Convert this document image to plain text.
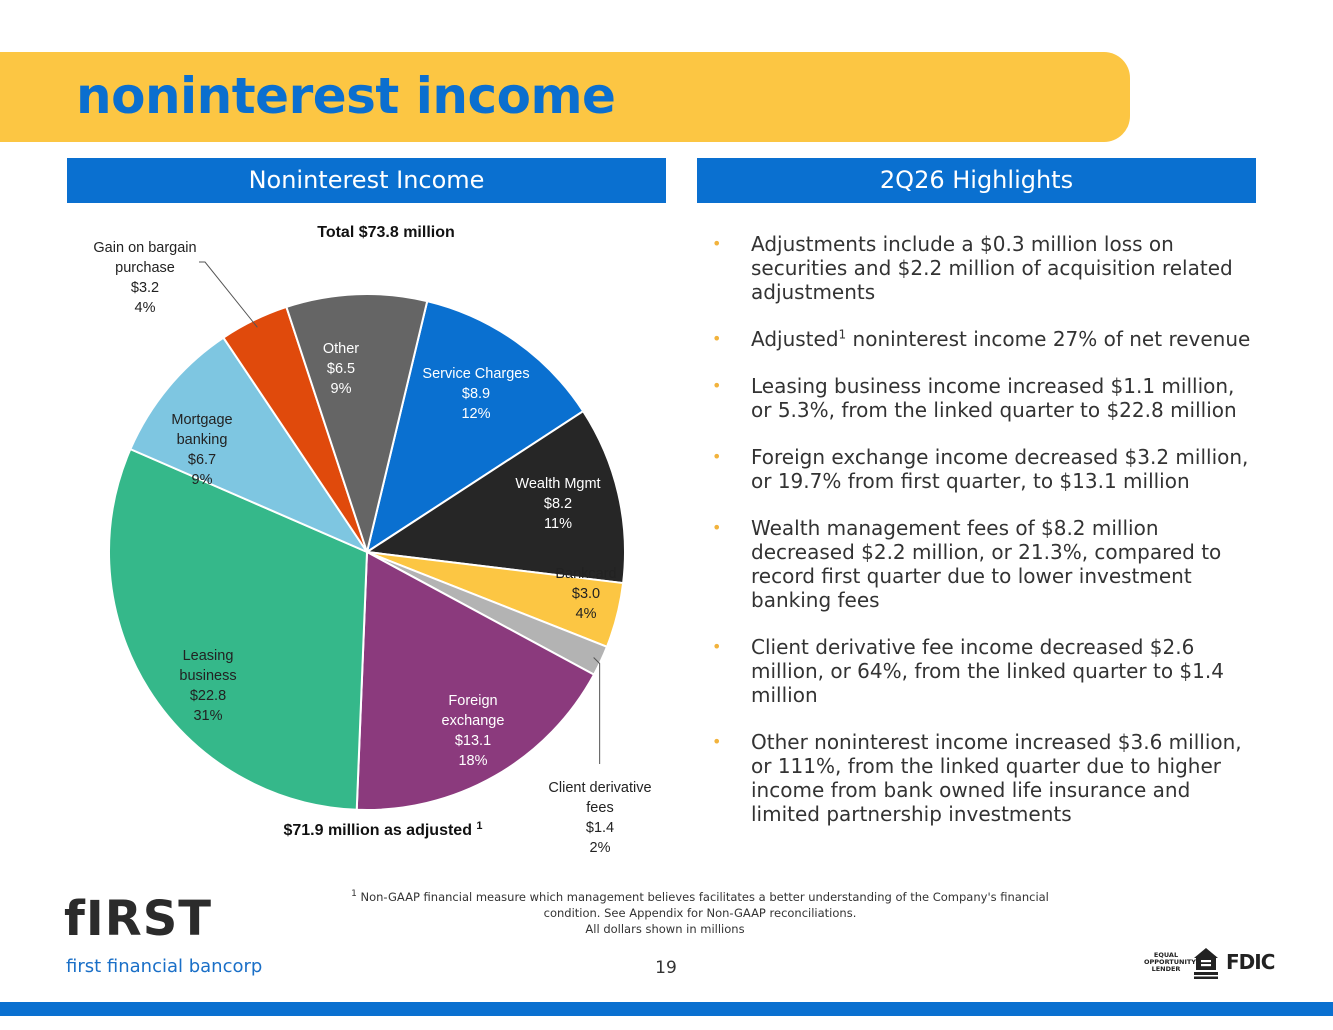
noninterest income
Noninterest Income	2Q26 Highlights
Total $73.8 million
Service Charges $8.9 12%
Wealth Mgmt $8.2 11%
Bankcard $3.0 4%
Client derivative fees $1.4 2%
Foreign exchange $13.1 18%
Leasing business $22.8 31%
Mortgage banking $6.7 9%
Gain on bargain purchase $3.2 4%
Other $6.5 9%
$71.9 million as adjusted $^1$
• Adjustments include a $0.3 million loss on securities and $2.2 million of acquisition related adjustments
• Adjusted$^1$ noninterest income 27% of net revenue
• Leasing business income increased $1.1 million, or 5.3%, from the linked quarter to $22.8 million
• Foreign exchange income decreased $3.2 million, or 19.7% from first quarter, to $13.1 million
• Wealth management fees of $8.2 million decreased $2.2 million, or 21.3%, compared to record first quarter due to lower investment banking fees
• Client derivative fee income decreased $2.6 million, or 64%, from the linked quarter to $1.4 million
• Other noninterest income increased $3.6 million, or 111%, from the linked quarter due to higher income from bank owned life insurance and limited partnership investments
$^1$ Non-GAAP financial measure which management believes facilitates a better understanding of the Company's financial
condition. See Appendix for Non-GAAP reconciliations.
All dollars shown in millions
19
fIRST
first financial bancorp
EQUAL OPPORTUNITY LENDER	FDIC
